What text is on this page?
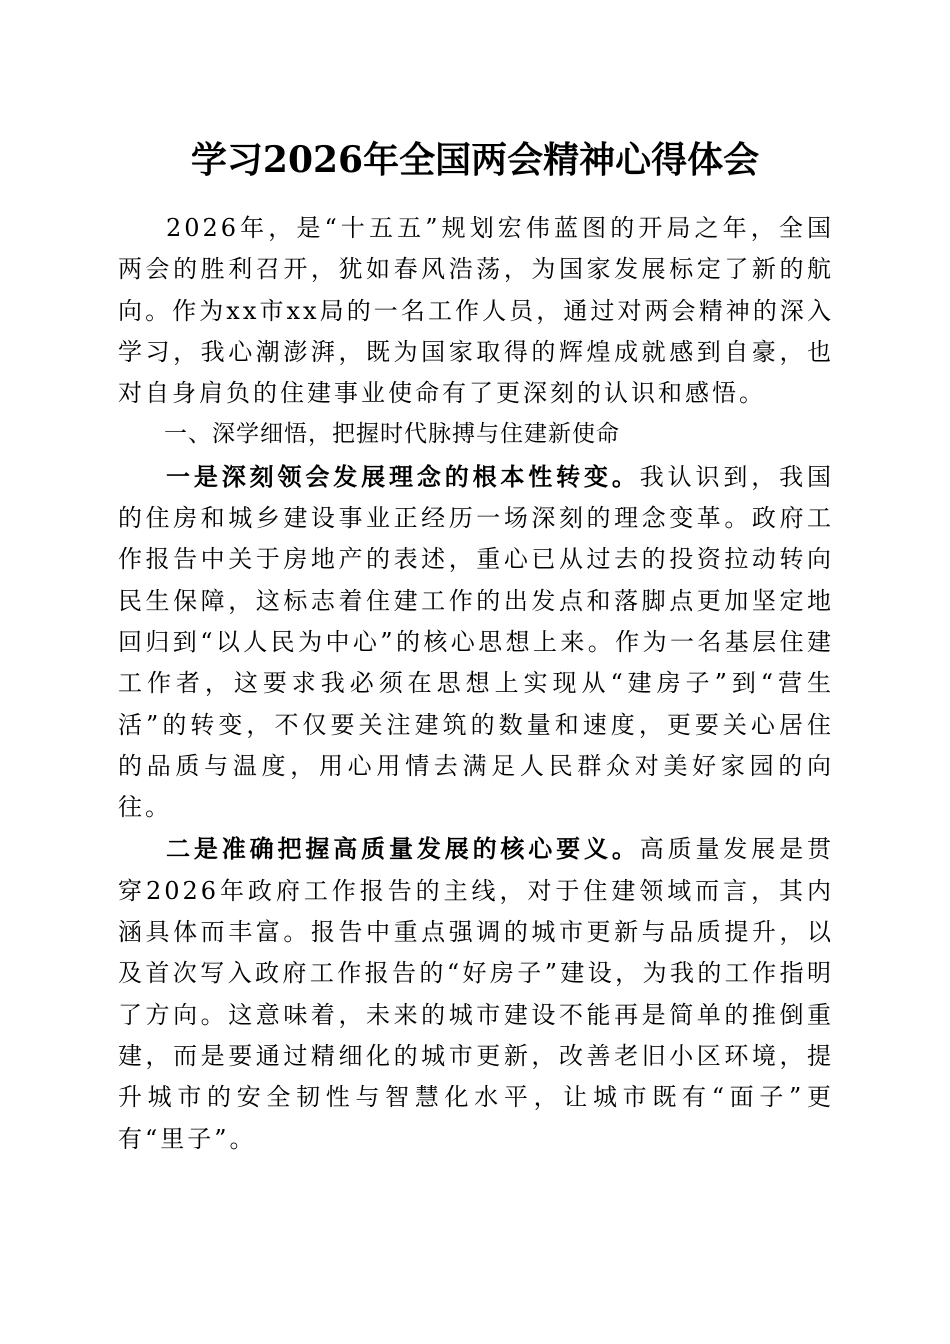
学习2026年全国两会精神心得体会

2026年，是“十五五”规划宏伟蓝图的开局之年，全国两会的胜利召开，犹如春风浩荡，为国家发展标定了新的航向。作为xx市xx局的一名工作人员，通过对两会精神的深入学习，我心潮澎湃，既为国家取得的辉煌成就感到自豪，也对自身肩负的住建事业使命有了更深刻的认识和感悟。

一、深学细悟，把握时代脉搏与住建新使命

一是深刻领会发展理念的根本性转变。我认识到，我国的住房和城乡建设事业正经历一场深刻的理念变革。政府工作报告中关于房地产的表述，重心已从过去的投资拉动转向民生保障，这标志着住建工作的出发点和落脚点更加坚定地回归到“以人民为中心”的核心思想上来。作为一名基层住建工作者，这要求我必须在思想上实现从“建房子”到“营生活”的转变，不仅要关注建筑的数量和速度，更要关心居住的品质与温度，用心用情去满足人民群众对美好家园的向往。

二是准确把握高质量发展的核心要义。高质量发展是贯穿2026年政府工作报告的主线，对于住建领域而言，其内涵具体而丰富。报告中重点强调的城市更新与品质提升，以及首次写入政府工作报告的“好房子”建设，为我的工作指明了方向。这意味着，未来的城市建设不能再是简单的推倒重建，而是要通过精细化的城市更新，改善老旧小区环境，提升城市的安全韧性与智慧化水平，让城市既有“面子”更有“里子”。
